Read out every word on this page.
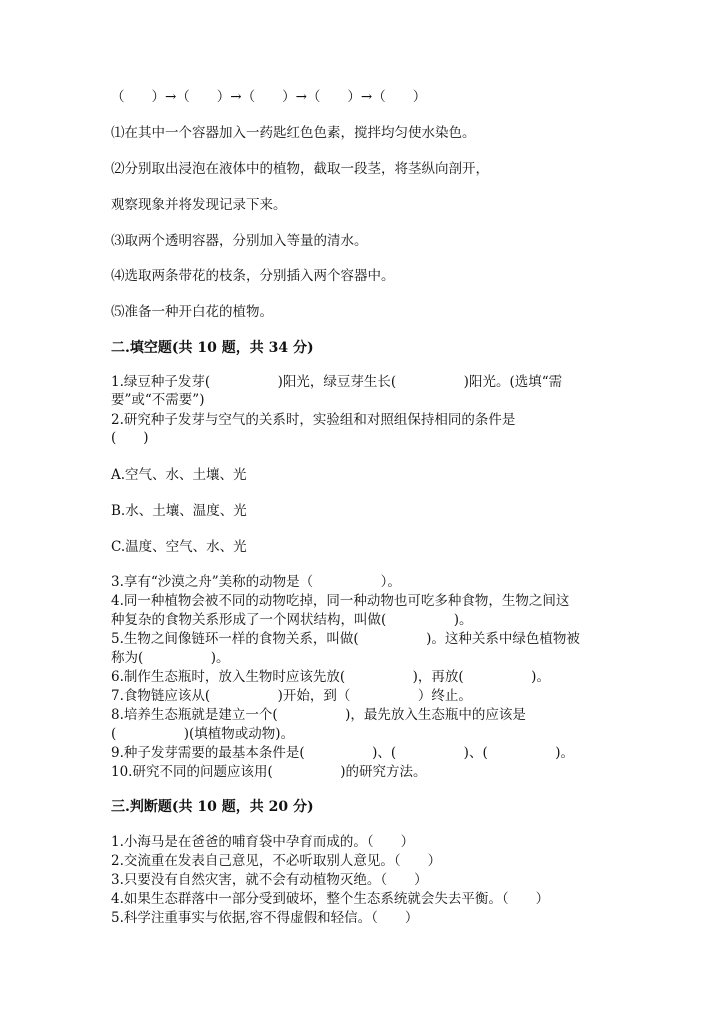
（　　）→（　　）→（　　）→（　　）→（　　）
⑴在其中一个容器加入一药匙红色色素，搅拌均匀使水染色。
⑵分别取出浸泡在液体中的植物，截取一段茎，将茎纵向剖开，
观察现象并将发现记录下来。
⑶取两个透明容器，分别加入等量的清水。
⑷选取两条带花的枝条，分别插入两个容器中。
⑸准备一种开白花的植物。
二.填空题(共 10 题，共 34 分)
1.绿豆种子发芽(　　　　　)阳光，绿豆芽生长(　　　　　)阳光。(选填“需
要”或“不需要”)
2.研究种子发芽与空气的关系时，实验组和对照组保持相同的条件是
(　　)
A.空气、水、土壤、光
B.水、土壤、温度、光
C.温度、空气、水、光
3.享有“沙漠之舟”美称的动物是（　　　　　）。
4.同一种植物会被不同的动物吃掉，同一种动物也可吃多种食物，生物之间这
种复杂的食物关系形成了一个网状结构，叫做(　　　　　)。
5.生物之间像链环一样的食物关系，叫做(　　　　　)。这种关系中绿色植物被
称为(　　　　　)。
6.制作生态瓶时，放入生物时应该先放(　　　　　)，再放(　　　　　)。
7.食物链应该从(　　　　　)开始，到（　　　　　）终止。
8.培养生态瓶就是建立一个(　　　　　)，最先放入生态瓶中的应该是
(　　　　　)(填植物或动物)。
9.种子发芽需要的最基本条件是(　　　　　)、(　　　　　)、(　　　　　)。
10.研究不同的问题应该用(　　　　　)的研究方法。
三.判断题(共 10 题，共 20 分)
1.小海马是在爸爸的哺育袋中孕育而成的。（　　）
2.交流重在发表自己意见，不必听取别人意见。（　　）
3.只要没有自然灾害，就不会有动植物灭绝。（　　）
4.如果生态群落中一部分受到破坏，整个生态系统就会失去平衡。（　　）
5.科学注重事实与依据,容不得虚假和轻信。（　　）
